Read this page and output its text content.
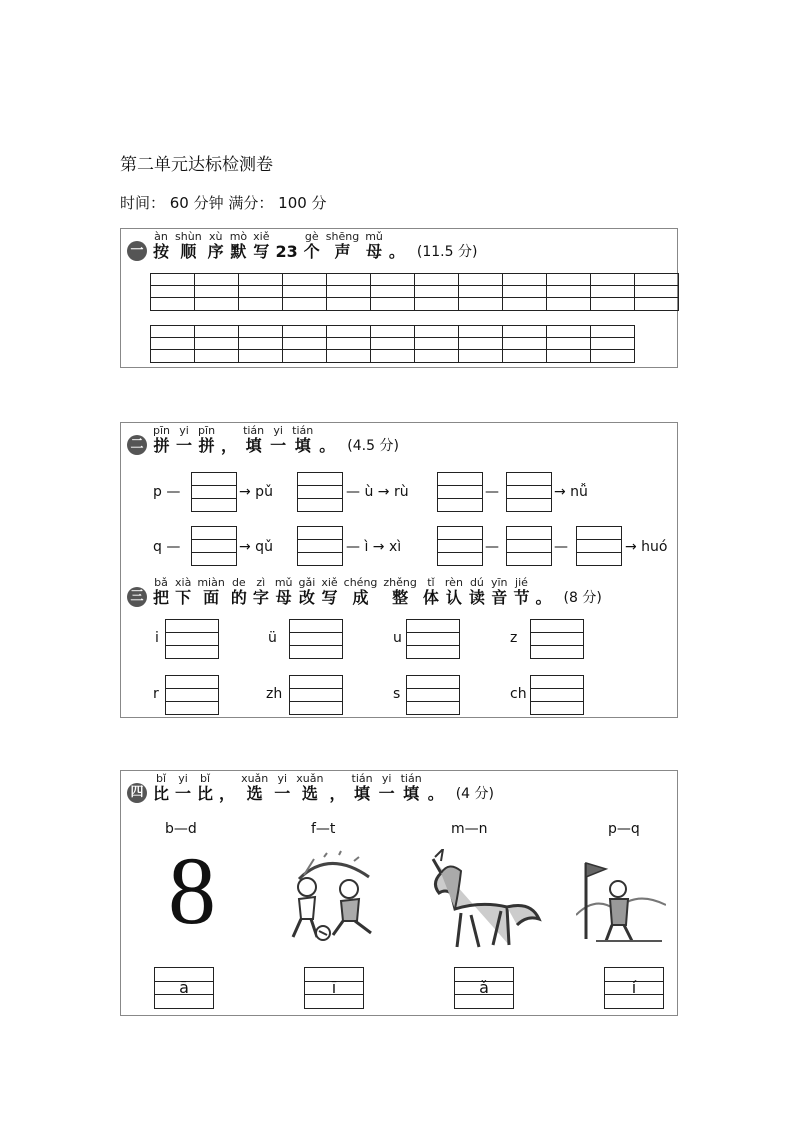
第二单元达标检测卷
时间： 60 分钟 满分： 100 分
一
àn
按
shùn
顺
xù
序
mò
默
xiě
写
23
gè
个
shēng
声
mǔ
母
。 (11.5 分)
二
pīn
拼
yi
一
pīn
拼
，
tián
填
yi
一
tián
填
。 (4.5 分)
p —	→ pǔ	— ù → rù	—	→ nǚ
q —	→ qǔ	— ì → xì	—	—	→ huó
三
bǎ
把
xià
下
miàn
面
de
的
zì
字
mǔ
母
gǎi
改
xiě
写
chéng
成
zhěng
整
tǐ
体
rèn
认
dú
读
yīn
音
jié
节
。 (8 分)
i	ü	u	z
r	zh	s	ch
四
bǐ
比
yi
一
bǐ
比
，
xuǎn
选
yi
一
xuǎn
选
，
tián
填
yi
一
tián
填
。 (4 分)
b—d	f—t	m—n	p—q
8
ā	ī	ǎ	í
